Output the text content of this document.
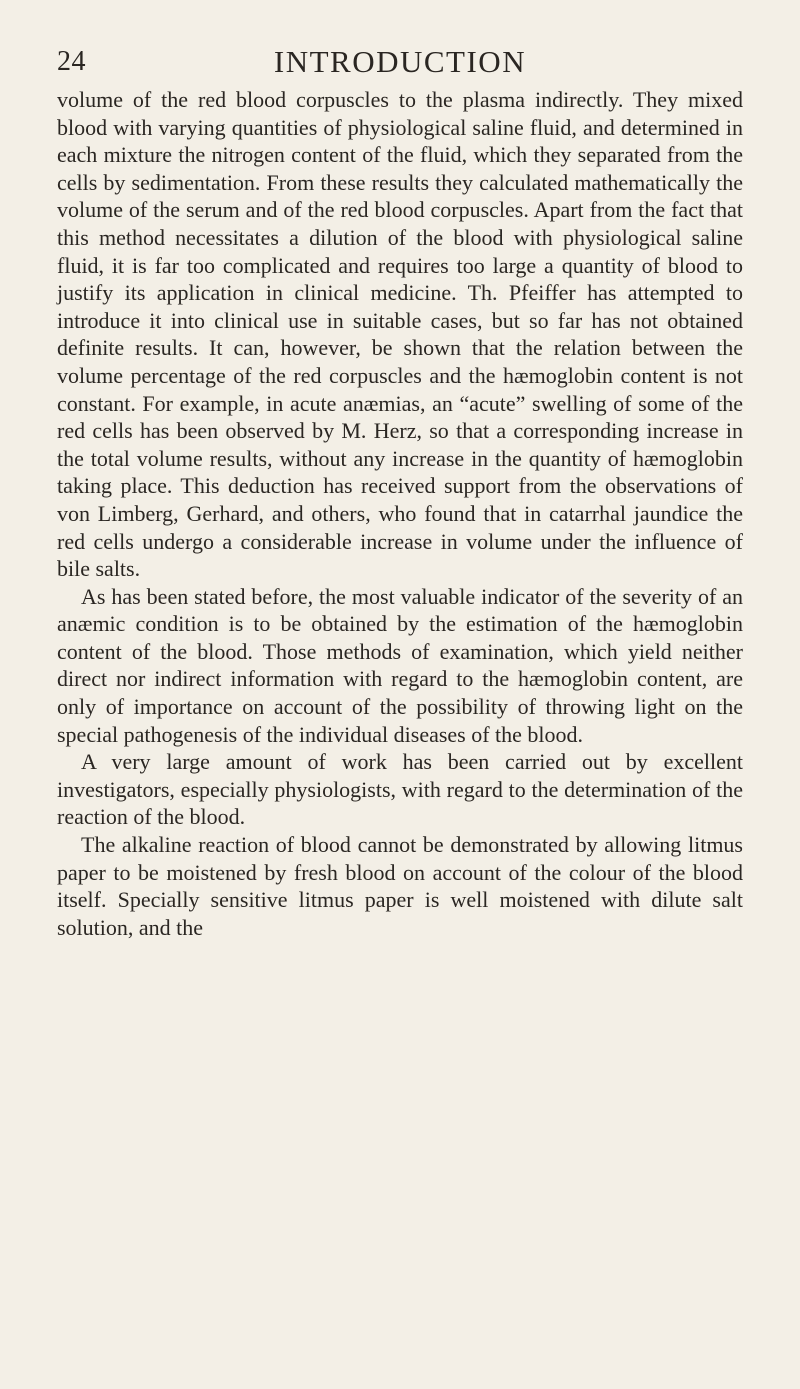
24	INTRODUCTION

volume of the red blood corpuscles to the plasma indirectly. They mixed blood with varying quantities of physiological saline fluid, and determined in each mixture the nitrogen content of the fluid, which they separated from the cells by sedimentation. From these results they calculated mathematically the volume of the serum and of the red blood corpuscles. Apart from the fact that this method necessitates a dilution of the blood with physiological saline fluid, it is far too complicated and requires too large a quantity of blood to justify its application in clinical medicine. Th. Pfeiffer has attempted to introduce it into clinical use in suitable cases, but so far has not obtained definite results. It can, however, be shown that the relation between the volume percentage of the red corpuscles and the hæmoglobin content is not constant. For example, in acute anæmias, an “acute” swelling of some of the red cells has been observed by M. Herz, so that a corresponding increase in the total volume results, without any increase in the quantity of hæmoglobin taking place. This deduction has received support from the observations of von Limberg, Gerhard, and others, who found that in catarrhal jaundice the red cells undergo a considerable increase in volume under the influence of bile salts.

As has been stated before, the most valuable indicator of the severity of an anæmic condition is to be obtained by the estimation of the hæmoglobin content of the blood. Those methods of examination, which yield neither direct nor indirect information with regard to the hæmoglobin content, are only of importance on account of the possibility of throwing light on the special pathogenesis of the individual diseases of the blood.

A very large amount of work has been carried out by excellent investigators, especially physiologists, with regard to the determination of the reaction of the blood.

The alkaline reaction of blood cannot be demonstrated by allowing litmus paper to be moistened by fresh blood on account of the colour of the blood itself. Specially sensitive litmus paper is well moistened with dilute salt solution, and the
